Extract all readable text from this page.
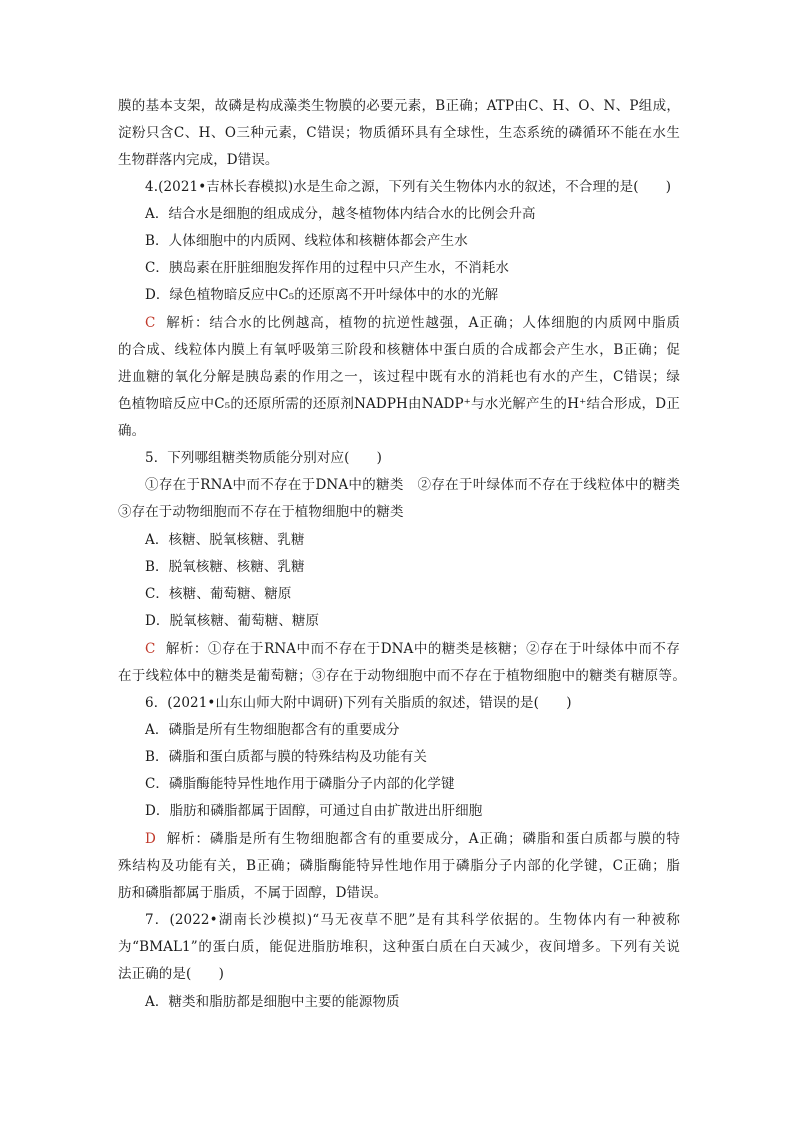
膜的基本支架，故磷是构成藻类生物膜的必要元素，B正确；ATP由C、H、O、N、P组成，
淀粉只含C、H、O三种元素，C错误；物质循环具有全球性，生态系统的磷循环不能在水生
生物群落内完成，D错误。
4.(2021•吉林长春模拟)水是生命之源，下列有关生物体内水的叙述，不合理的是(　　)
A．结合水是细胞的组成成分，越冬植物体内结合水的比例会升高
B．人体细胞中的内质网、线粒体和核糖体都会产生水
C．胰岛素在肝脏细胞发挥作用的过程中只产生水，不消耗水
D．绿色植物暗反应中C₅的还原离不开叶绿体中的水的光解
C 解析：结合水的比例越高，植物的抗逆性越强，A正确；人体细胞的内质网中脂质
的合成、线粒体内膜上有氧呼吸第三阶段和核糖体中蛋白质的合成都会产生水，B正确；促
进血糖的氧化分解是胰岛素的作用之一，该过程中既有水的消耗也有水的产生，C错误；绿
色植物暗反应中C₅的还原所需的还原剂NADPH由NADP⁺与水光解产生的H⁺结合形成，D正
确。
5．下列哪组糖类物质能分别对应(　　)
①存在于RNA中而不存在于DNA中的糖类　②存在于叶绿体而不存在于线粒体中的糖类
③存在于动物细胞而不存在于植物细胞中的糖类
A．核糖、脱氧核糖、乳糖
B．脱氧核糖、核糖、乳糖
C．核糖、葡萄糖、糖原
D．脱氧核糖、葡萄糖、糖原
C 解析：①存在于RNA中而不存在于DNA中的糖类是核糖；②存在于叶绿体中而不存
在于线粒体中的糖类是葡萄糖；③存在于动物细胞中而不存在于植物细胞中的糖类有糖原等。
6．(2021•山东山师大附中调研)下列有关脂质的叙述，错误的是(　　)
A．磷脂是所有生物细胞都含有的重要成分
B．磷脂和蛋白质都与膜的特殊结构及功能有关
C．磷脂酶能特异性地作用于磷脂分子内部的化学键
D．脂肪和磷脂都属于固醇，可通过自由扩散进出肝细胞
D 解析：磷脂是所有生物细胞都含有的重要成分，A正确；磷脂和蛋白质都与膜的特
殊结构及功能有关，B正确；磷脂酶能特异性地作用于磷脂分子内部的化学键，C正确；脂
肪和磷脂都属于脂质，不属于固醇，D错误。
7．(2022•湖南长沙模拟)“马无夜草不肥”是有其科学依据的。生物体内有一种被称
为“BMAL1”的蛋白质，能促进脂肪堆积，这种蛋白质在白天减少，夜间增多。下列有关说
法正确的是(　　)
A．糖类和脂肪都是细胞中主要的能源物质
